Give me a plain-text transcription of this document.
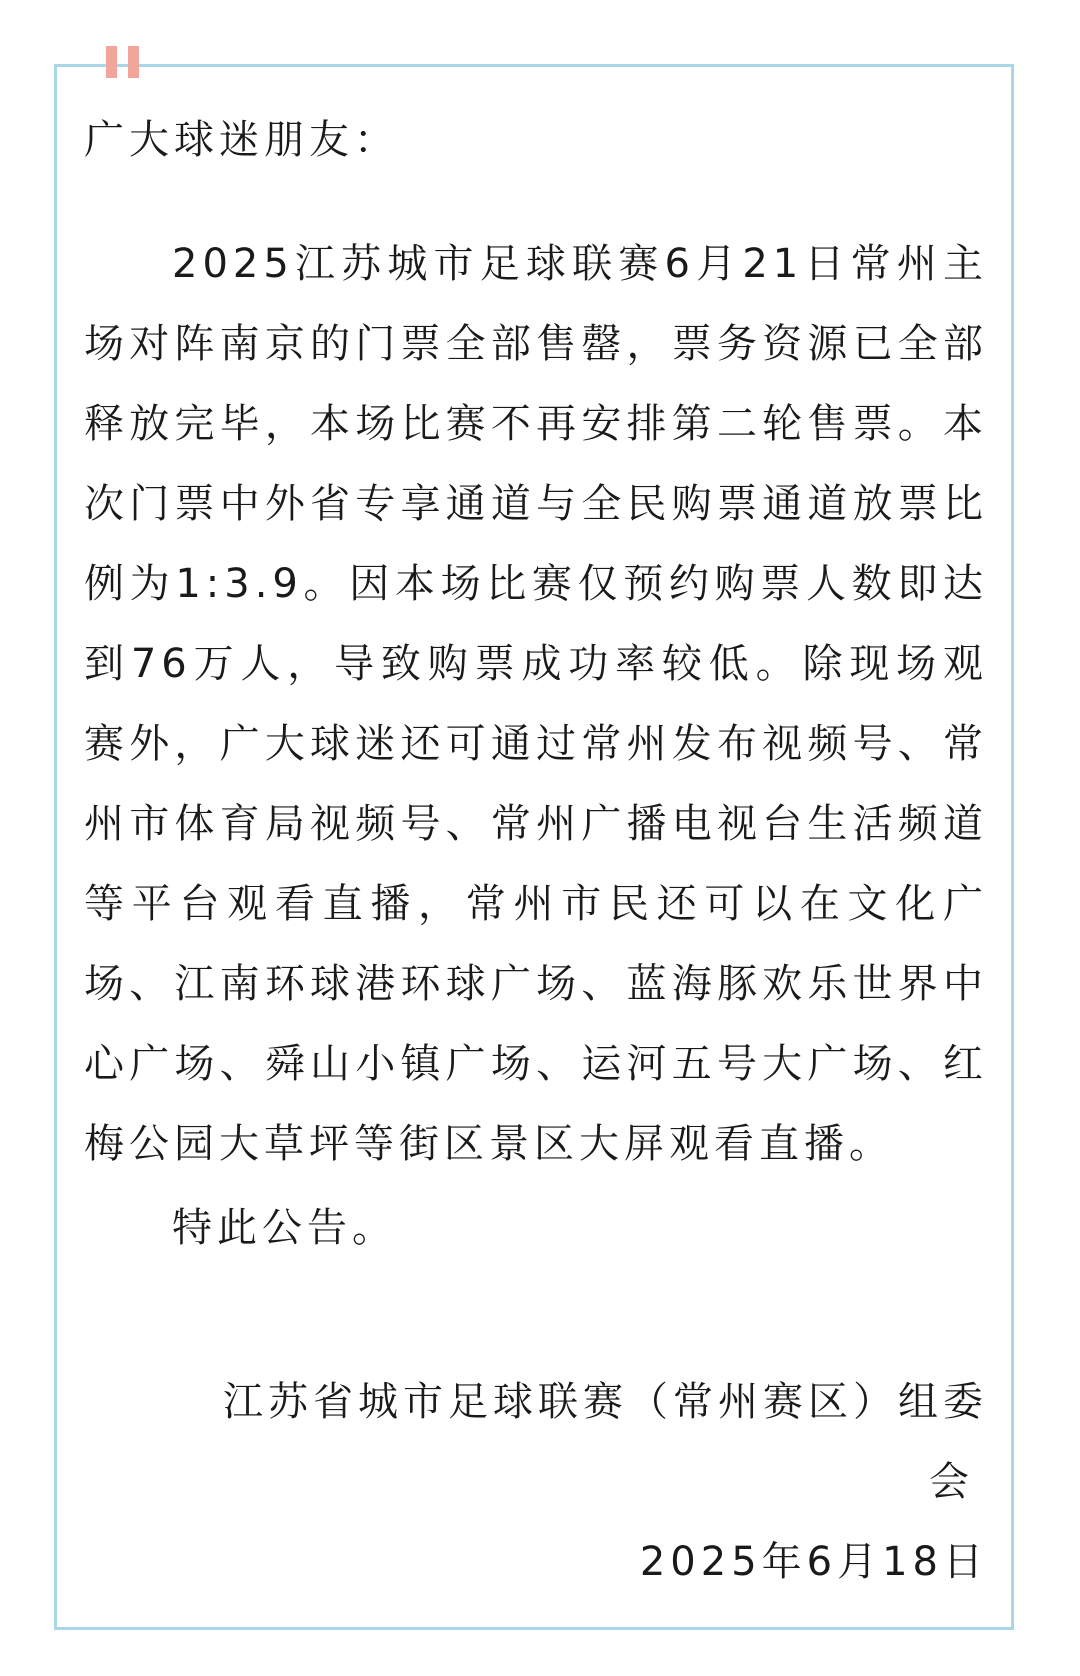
广大球迷朋友：

2025江苏城市足球联赛6月21日常州主场对阵南京的门票全部售罄，票务资源已全部释放完毕，本场比赛不再安排第二轮售票。本次门票中外省专享通道与全民购票通道放票比例为1:3.9。因本场比赛仅预约购票人数即达到76万人，导致购票成功率较低。除现场观赛外，广大球迷还可通过常州发布视频号、常州市体育局视频号、常州广播电视台生活频道等平台观看直播，常州市民还可以在文化广场、江南环球港环球广场、蓝海豚欢乐世界中心广场、舜山小镇广场、运河五号大广场、红梅公园大草坪等街区景区大屏观看直播。

特此公告。

江苏省城市足球联赛（常州赛区）组委
会
2025年6月18日
